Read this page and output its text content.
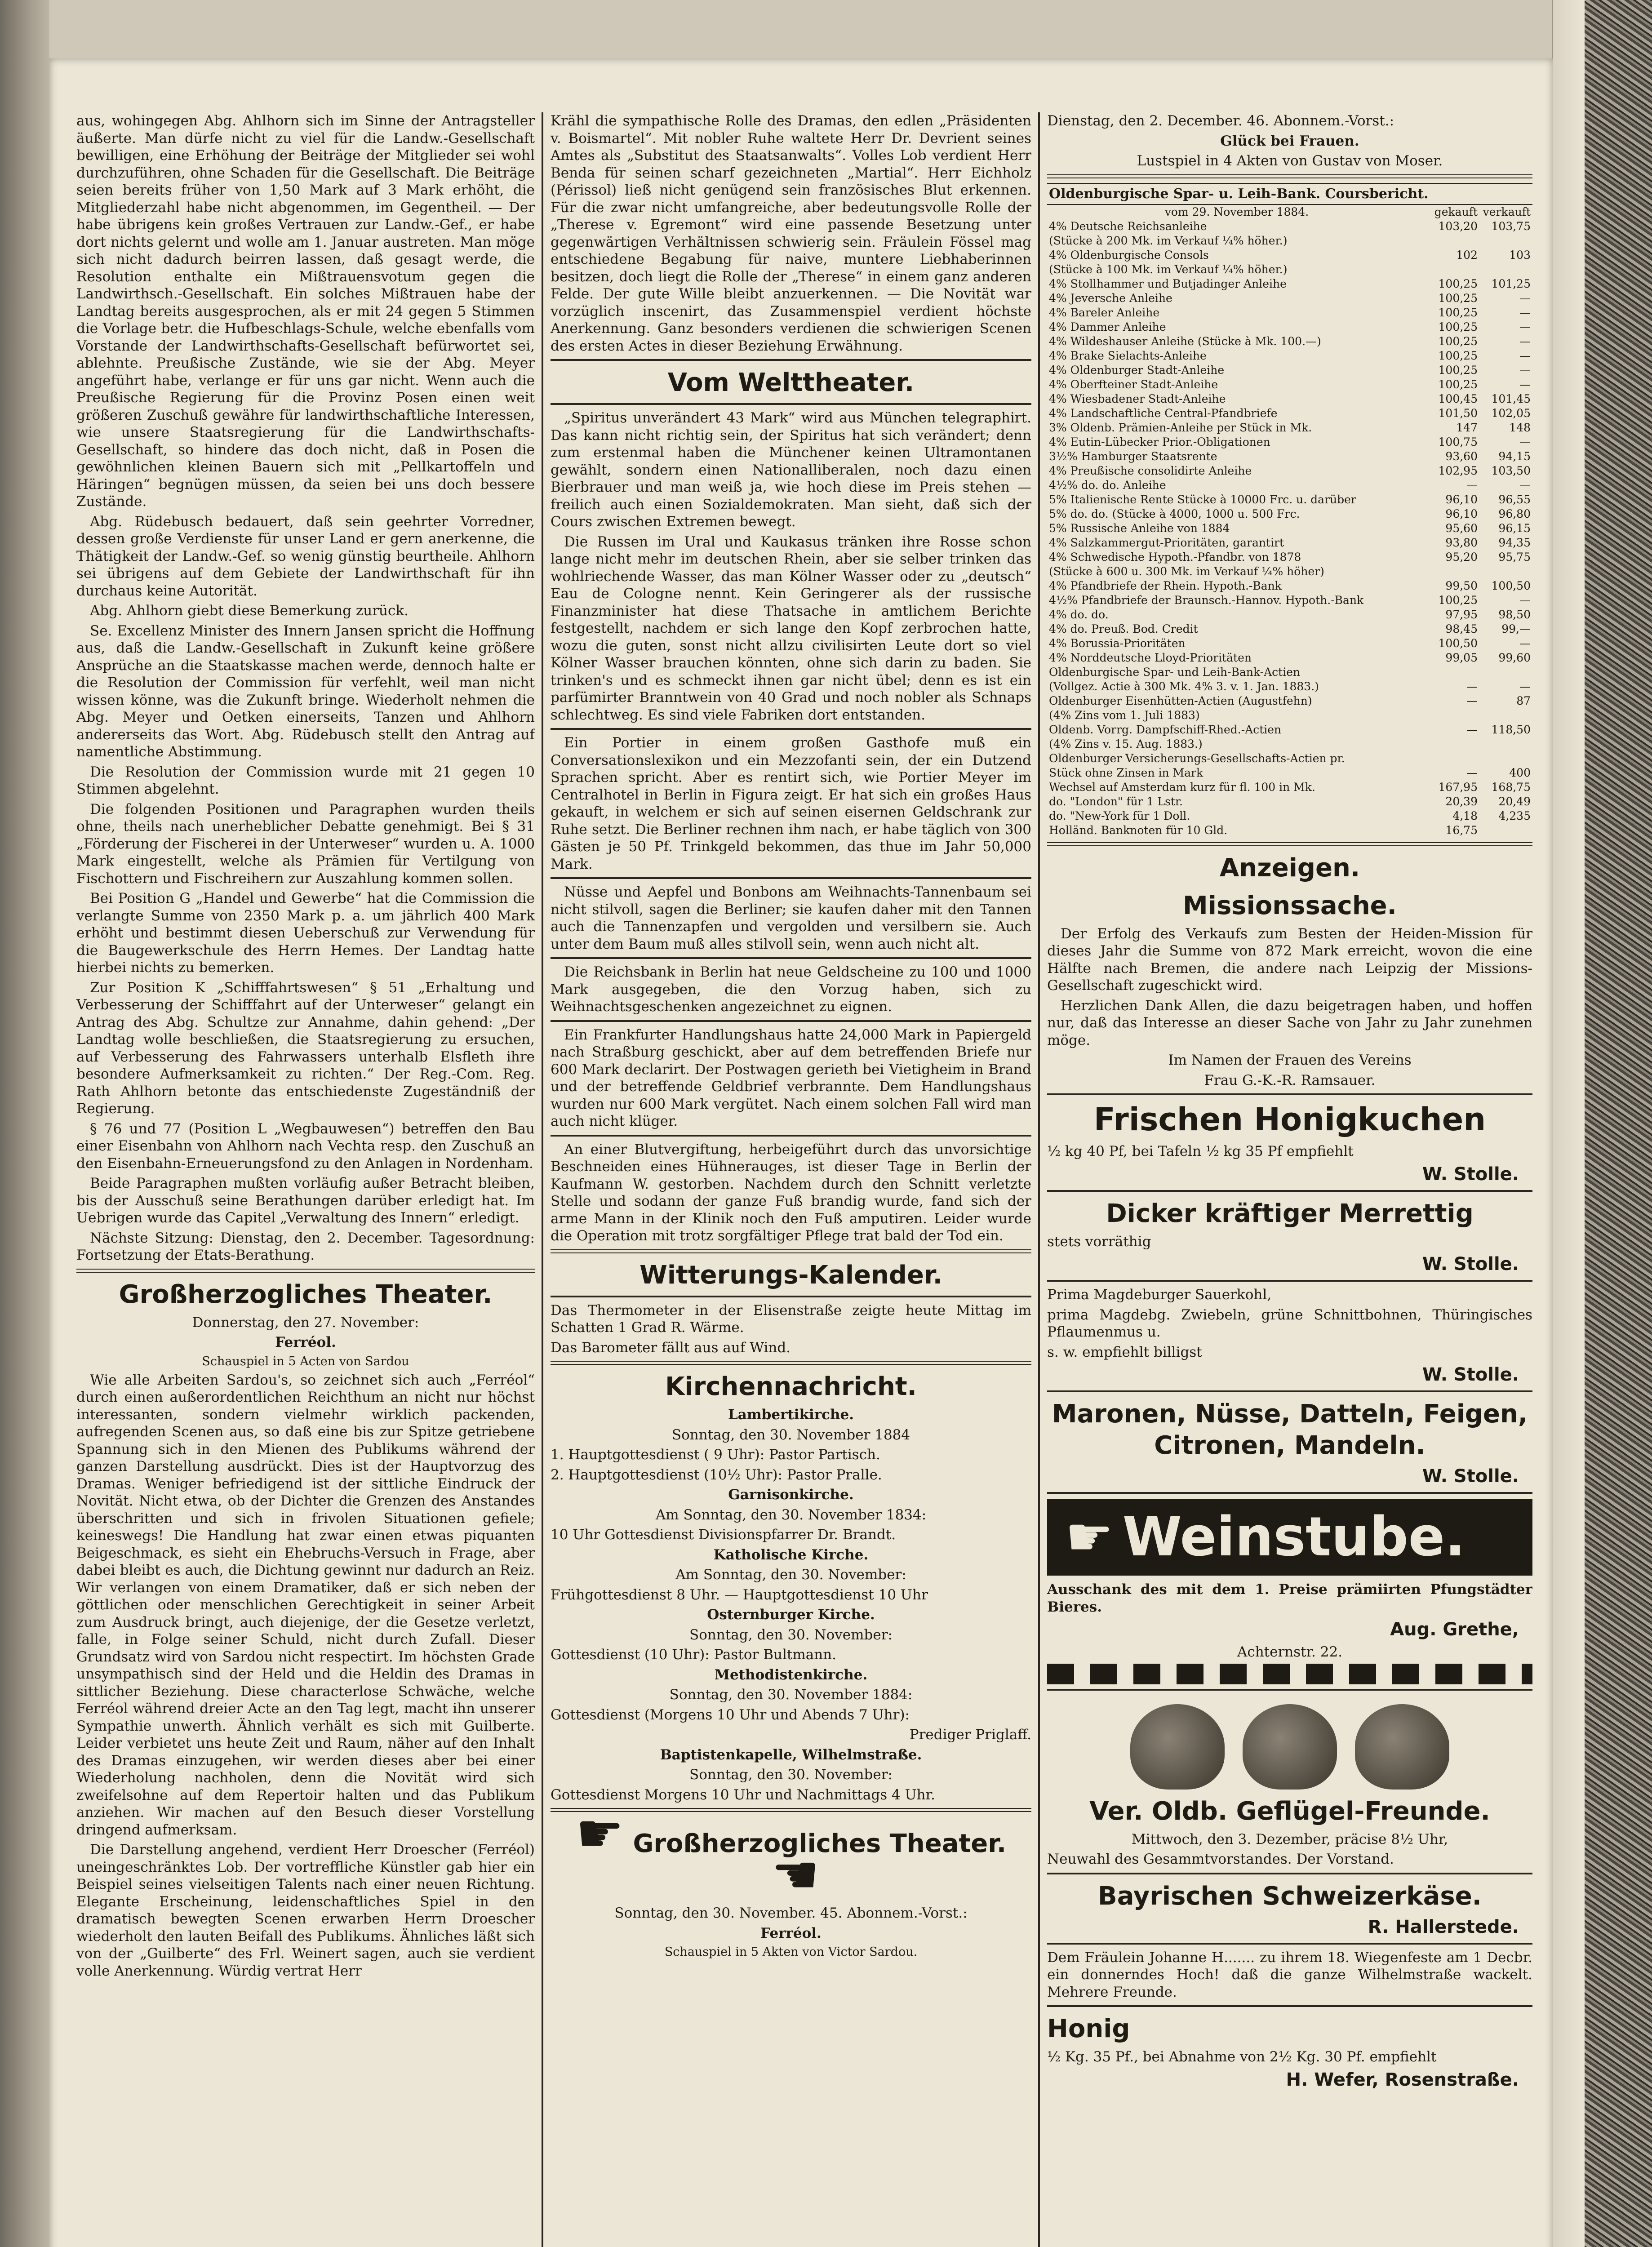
aus, wohingegen Abg. Ahlhorn sich im Sinne der Antragsteller äußerte. Man dürfe nicht zu viel für die Landw.-Gesellschaft bewilligen, eine Erhöhung der Beiträge der Mitglieder sei wohl durchzuführen, ohne Schaden für die Gesellschaft. Die Beiträge seien bereits früher von 1,50 Mark auf 3 Mark erhöht, die Mitgliederzahl habe nicht abgenommen, im Gegentheil. — Der habe übrigens kein großes Vertrauen zur Landw.-Gef., er habe dort nichts gelernt und wolle am 1. Januar austreten. Man möge sich nicht dadurch beirren lassen, daß gesagt werde, die Resolution enthalte ein Mißtrauensvotum gegen die Landwirthsch.-Gesellschaft. Ein solches Mißtrauen habe der Landtag bereits ausgesprochen, als er mit 24 gegen 5 Stimmen die Vorlage betr. die Hufbeschlags-Schule, welche ebenfalls vom Vorstande der Landwirthschafts-Gesellschaft befürwortet sei, ablehnte. Preußische Zustände, wie sie der Abg. Meyer angeführt habe, verlange er für uns gar nicht. Wenn auch die Preußische Regierung für die Provinz Posen einen weit größeren Zuschuß gewähre für landwirthschaftliche Interessen, wie unsere Staatsregierung für die Landwirthschafts-Gesellschaft, so hindere das doch nicht, daß in Posen die gewöhnlichen kleinen Bauern sich mit „Pellkartoffeln und Häringen“ begnügen müssen, da seien bei uns doch bessere Zustände.

Abg. Rüdebusch bedauert, daß sein geehrter Vorredner, dessen große Verdienste für unser Land er gern anerkenne, die Thätigkeit der Landw.-Gef. so wenig günstig beurtheile. Ahlhorn sei übrigens auf dem Gebiete der Landwirthschaft für ihn durchaus keine Autorität.

Abg. Ahlhorn giebt diese Bemerkung zurück.

Se. Excellenz Minister des Innern Jansen spricht die Hoffnung aus, daß die Landw.-Gesellschaft in Zukunft keine größere Ansprüche an die Staatskasse machen werde, dennoch halte er die Resolution der Commission für verfehlt, weil man nicht wissen könne, was die Zukunft bringe. Wiederholt nehmen die Abg. Meyer und Oetken einerseits, Tanzen und Ahlhorn andererseits das Wort. Abg. Rüdebusch stellt den Antrag auf namentliche Abstimmung.

Die Resolution der Commission wurde mit 21 gegen 10 Stimmen abgelehnt.

Die folgenden Positionen und Paragraphen wurden theils ohne, theils nach unerheblicher Debatte genehmigt. Bei § 31 „Förderung der Fischerei in der Unterweser“ wurden u. A. 1000 Mark eingestellt, welche als Prämien für Vertilgung von Fischottern und Fischreihern zur Auszahlung kommen sollen.

Bei Position G „Handel und Gewerbe“ hat die Commission die verlangte Summe von 2350 Mark p. a. um jährlich 400 Mark erhöht und bestimmt diesen Ueberschuß zur Verwendung für die Baugewerkschule des Herrn Hemes. Der Landtag hatte hierbei nichts zu bemerken.

Zur Position K „Schifffahrtswesen“ § 51 „Erhaltung und Verbesserung der Schifffahrt auf der Unterweser“ gelangt ein Antrag des Abg. Schultze zur Annahme, dahin gehend: „Der Landtag wolle beschließen, die Staatsregierung zu ersuchen, auf Verbesserung des Fahrwassers unterhalb Elsfleth ihre besondere Aufmerksamkeit zu richten.“ Der Reg.-Com. Reg. Rath Ahlhorn betonte das entschiedenste Zugeständniß der Regierung.

§ 76 und 77 (Position L „Wegbauwesen“) betreffen den Bau einer Eisenbahn von Ahlhorn nach Vechta resp. den Zuschuß an den Eisenbahn-Erneuerungsfond zu den Anlagen in Nordenham.

Beide Paragraphen mußten vorläufig außer Betracht bleiben, bis der Ausschuß seine Berathungen darüber erledigt hat. Im Uebrigen wurde das Capitel „Verwaltung des Innern“ erledigt.

Nächste Sitzung: Dienstag, den 2. December. Tagesordnung: Fortsetzung der Etats-Berathung.

Großherzogliches Theater.

Donnerstag, den 27. November:

Ferréol.

Schauspiel in 5 Acten von Sardou

Wie alle Arbeiten Sardou's, so zeichnet sich auch „Ferréol“ durch einen außerordentlichen Reichthum an nicht nur höchst interessanten, sondern vielmehr wirklich packenden, aufregenden Scenen aus, so daß eine bis zur Spitze getriebene Spannung sich in den Mienen des Publikums während der ganzen Darstellung ausdrückt. Dies ist der Hauptvorzug des Dramas. Weniger befriedigend ist der sittliche Eindruck der Novität. Nicht etwa, ob der Dichter die Grenzen des Anstandes überschritten und sich in frivolen Situationen gefiele; keineswegs! Die Handlung hat zwar einen etwas piquanten Beigeschmack, es sieht ein Ehebruchs-Versuch in Frage, aber dabei bleibt es auch, die Dichtung gewinnt nur dadurch an Reiz. Wir verlangen von einem Dramatiker, daß er sich neben der göttlichen oder menschlichen Gerechtigkeit in seiner Arbeit zum Ausdruck bringt, auch diejenige, der die Gesetze verletzt, falle, in Folge seiner Schuld, nicht durch Zufall. Dieser Grundsatz wird von Sardou nicht respectirt. Im höchsten Grade unsympathisch sind der Held und die Heldin des Dramas in sittlicher Beziehung. Diese characterlose Schwäche, welche Ferréol während dreier Acte an den Tag legt, macht ihn unserer Sympathie unwerth. Ähnlich verhält es sich mit Guilberte. Leider verbietet uns heute Zeit und Raum, näher auf den Inhalt des Dramas einzugehen, wir werden dieses aber bei einer Wiederholung nachholen, denn die Novität wird sich zweifelsohne auf dem Repertoir halten und das Publikum anziehen. Wir machen auf den Besuch dieser Vorstellung dringend aufmerksam.

Die Darstellung angehend, verdient Herr Droescher (Ferréol) uneingeschränktes Lob. Der vortreffliche Künstler gab hier ein Beispiel seines vielseitigen Talents nach einer neuen Richtung. Elegante Erscheinung, leidenschaftliches Spiel in den dramatisch bewegten Scenen erwarben Herrn Droescher wiederholt den lauten Beifall des Publikums. Ähnliches läßt sich von der „Guilberte“ des Frl. Weinert sagen, auch sie verdient volle Anerkennung. Würdig vertrat Herr

Krähl die sympathische Rolle des Dramas, den edlen „Präsidenten v. Boismartel“. Mit nobler Ruhe waltete Herr Dr. Devrient seines Amtes als „Substitut des Staatsanwalts“. Volles Lob verdient Herr Benda für seinen scharf gezeichneten „Martial“. Herr Eichholz (Périssol) ließ nicht genügend sein französisches Blut erkennen. Für die zwar nicht umfangreiche, aber bedeutungsvolle Rolle der „Therese v. Egremont“ wird eine passende Besetzung unter gegenwärtigen Verhältnissen schwierig sein. Fräulein Fössel mag entschiedene Begabung für naive, muntere Liebhaberinnen besitzen, doch liegt die Rolle der „Therese“ in einem ganz anderen Felde. Der gute Wille bleibt anzuerkennen. — Die Novität war vorzüglich inscenirt, das Zusammenspiel verdient höchste Anerkennung. Ganz besonders verdienen die schwierigen Scenen des ersten Actes in dieser Beziehung Erwähnung.

Vom Welttheater.

„Spiritus unverändert 43 Mark“ wird aus München telegraphirt. Das kann nicht richtig sein, der Spiritus hat sich verändert; denn zum erstenmal haben die Münchener keinen Ultramontanen gewählt, sondern einen Nationalliberalen, noch dazu einen Bierbrauer und man weiß ja, wie hoch diese im Preis stehen — freilich auch einen Sozialdemokraten. Man sieht, daß sich der Cours zwischen Extremen bewegt.

Die Russen im Ural und Kaukasus tränken ihre Rosse schon lange nicht mehr im deutschen Rhein, aber sie selber trinken das wohlriechende Wasser, das man Kölner Wasser oder zu „deutsch“ Eau de Cologne nennt. Kein Geringerer als der russische Finanzminister hat diese Thatsache in amtlichem Berichte festgestellt, nachdem er sich lange den Kopf zerbrochen hatte, wozu die guten, sonst nicht allzu civilisirten Leute dort so viel Kölner Wasser brauchen könnten, ohne sich darin zu baden. Sie trinken's und es schmeckt ihnen gar nicht übel; denn es ist ein parfümirter Branntwein von 40 Grad und noch nobler als Schnaps schlechtweg. Es sind viele Fabriken dort entstanden.

Ein Portier in einem großen Gasthofe muß ein Conversationslexikon und ein Mezzofanti sein, der ein Dutzend Sprachen spricht. Aber es rentirt sich, wie Portier Meyer im Centralhotel in Berlin in Figura zeigt. Er hat sich ein großes Haus gekauft, in welchem er sich auf seinen eisernen Geldschrank zur Ruhe setzt. Die Berliner rechnen ihm nach, er habe täglich von 300 Gästen je 50 Pf. Trinkgeld bekommen, das thue im Jahr 50,000 Mark.

Nüsse und Aepfel und Bonbons am Weihnachts-Tannenbaum sei nicht stilvoll, sagen die Berliner; sie kaufen daher mit den Tannen auch die Tannenzapfen und vergolden und versilbern sie. Auch unter dem Baum muß alles stilvoll sein, wenn auch nicht alt.

Die Reichsbank in Berlin hat neue Geldscheine zu 100 und 1000 Mark ausgegeben, die den Vorzug haben, sich zu Weihnachtsgeschenken angezeichnet zu eignen.

Ein Frankfurter Handlungshaus hatte 24,000 Mark in Papiergeld nach Straßburg geschickt, aber auf dem betreffenden Briefe nur 600 Mark declarirt. Der Postwagen gerieth bei Vietigheim in Brand und der betreffende Geldbrief verbrannte. Dem Handlungshaus wurden nur 600 Mark vergütet. Nach einem solchen Fall wird man auch nicht klüger.

An einer Blutvergiftung, herbeigeführt durch das unvorsichtige Beschneiden eines Hühnerauges, ist dieser Tage in Berlin der Kaufmann W. gestorben. Nachdem durch den Schnitt verletzte Stelle und sodann der ganze Fuß brandig wurde, fand sich der arme Mann in der Klinik noch den Fuß amputiren. Leider wurde die Operation mit trotz sorgfältiger Pflege trat bald der Tod ein.

Witterungs-Kalender.

Das Thermometer in der Elisenstraße zeigte heute Mittag im Schatten 1 Grad R. Wärme.

Das Barometer fällt aus auf Wind.

Kirchennachricht.

Lambertikirche.

Sonntag, den 30. November 1884

1. Hauptgottesdienst ( 9 Uhr): Pastor Partisch.

2. Hauptgottesdienst (10½ Uhr): Pastor Pralle.

Garnisonkirche.

Am Sonntag, den 30. November 1834:

10 Uhr Gottesdienst Divisionspfarrer Dr. Brandt.

Katholische Kirche.

Am Sonntag, den 30. November:

Frühgottesdienst 8 Uhr. — Hauptgottesdienst 10 Uhr

Osternburger Kirche.

Sonntag, den 30. November:

Gottesdienst (10 Uhr): Pastor Bultmann.

Methodistenkirche.

Sonntag, den 30. November 1884:

Gottesdienst (Morgens 10 Uhr und Abends 7 Uhr):

Prediger Priglaff.

Baptistenkapelle, Wilhelmstraße.

Sonntag, den 30. November:

Gottesdienst Morgens 10 Uhr und Nachmittags 4 Uhr.

☛ Großherzogliches Theater.☚

Sonntag, den 30. November. 45. Abonnem.-Vorst.:

Ferréol.

Schauspiel in 5 Akten von Victor Sardou.

Dienstag, den 2. December. 46. Abonnem.-Vorst.:

Glück bei Frauen.

Lustspiel in 4 Akten von Gustav von Moser.

Oldenburgische Spar- u. Leih-Bank. Coursbericht.		
vom 29. November 1884.	gekauft	verkauft
4% Deutsche Reichsanleihe	103,20	103,75
(Stücke à 200 Mk. im Verkauf ¼% höher.)		
4% Oldenburgische Consols	102	103
(Stücke à 100 Mk. im Verkauf ¼% höher.)		
4% Stollhammer und Butjadinger Anleihe	100,25	101,25
4% Jeversche Anleihe	100,25	—
4% Bareler Anleihe	100,25	—
4% Dammer Anleihe	100,25	—
4% Wildeshauser Anleihe (Stücke à Mk. 100.—)	100,25	—
4% Brake Sielachts-Anleihe	100,25	—
4% Oldenburger Stadt-Anleihe	100,25	—
4% Oberfteiner Stadt-Anleihe	100,25	—
4% Wiesbadener Stadt-Anleihe	100,45	101,45
4% Landschaftliche Central-Pfandbriefe	101,50	102,05
3% Oldenb. Prämien-Anleihe per Stück in Mk.	147	148
4% Eutin-Lübecker Prior.-Obligationen	100,75	—
3½% Hamburger Staatsrente	93,60	94,15
4% Preußische consolidirte Anleihe	102,95	103,50
4½% do. do. Anleihe	—	—
5% Italienische Rente Stücke à 10000 Frc. u. darüber	96,10	96,55
5% do. do. (Stücke à 4000, 1000 u. 500 Frc.	96,10	96,80
5% Russische Anleihe von 1884	95,60	96,15
4% Salzkammergut-Prioritäten, garantirt	93,80	94,35
4% Schwedische Hypoth.-Pfandbr. von 1878	95,20	95,75
(Stücke à 600 u. 300 Mk. im Verkauf ¼% höher)		
4% Pfandbriefe der Rhein. Hypoth.-Bank	99,50	100,50
4½% Pfandbriefe der Braunsch.-Hannov. Hypoth.-Bank	100,25	—
4% do. do.	97,95	98,50
4% do. Preuß. Bod. Credit	98,45	99,—
4% Borussia-Prioritäten	100,50	—
4% Norddeutsche Lloyd-Prioritäten	99,05	99,60
Oldenburgische Spar- und Leih-Bank-Actien		
(Vollgez. Actie à 300 Mk. 4% 3. v. 1. Jan. 1883.)	—	—
Oldenburger Eisenhütten-Actien (Augustfehn)	—	87
(4% Zins vom 1. Juli 1883)		
Oldenb. Vorrg. Dampfschiff-Rhed.-Actien	—	118,50
(4% Zins v. 15. Aug. 1883.)		
Oldenburger Versicherungs-Gesellschafts-Actien pr.		
Stück ohne Zinsen in Mark	—	400
Wechsel auf Amsterdam kurz für fl. 100 in Mk.	167,95	168,75
do. "London" für 1 Lstr.	20,39	20,49
do. "New-York für 1 Doll.	4,18	4,235
Holländ. Banknoten für 10 Gld.	16,75	
Anzeigen.
Missionssache.

Der Erfolg des Verkaufs zum Besten der Heiden-Mission für dieses Jahr die Summe von 872 Mark erreicht, wovon die eine Hälfte nach Bremen, die andere nach Leipzig der Missions-Gesellschaft zugeschickt wird.

Herzlichen Dank Allen, die dazu beigetragen haben, und hoffen nur, daß das Interesse an dieser Sache von Jahr zu Jahr zunehmen möge.

Im Namen der Frauen des Vereins

Frau G.-K.-R. Ramsauer.

Frischen Honigkuchen

½ kg 40 Pf, bei Tafeln ½ kg 35 Pf empfiehlt

W. Stolle.
Dicker kräftiger Merrettig

stets vorräthig

W. Stolle.

Prima Magdeburger Sauerkohl,

prima Magdebg. Zwiebeln, grüne Schnittbohnen, Thüringisches Pflaumenmus u.

s. w. empfiehlt billigst

W. Stolle.
Maronen, Nüsse, Datteln, Feigen, Citronen, Mandeln.
W. Stolle.
☛ Weinstube.

Ausschank des mit dem 1. Preise prämiirten Pfungstädter Bieres.

Aug. Grethe,

Achternstr. 22.

Ver. Oldb. Geflügel-Freunde.

Mittwoch, den 3. Dezember, präcise 8½ Uhr,

Neuwahl des Gesammtvorstandes. Der Vorstand.

Bayrischen Schweizerkäse.
R. Hallerstede.

Dem Fräulein Johanne H....... zu ihrem 18. Wiegenfeste am 1 Decbr. ein donnerndes Hoch! daß die ganze Wilhelmstraße wackelt. Mehrere Freunde.

Honig

½ Kg. 35 Pf., bei Abnahme von 2½ Kg. 30 Pf. empfiehlt

H. Wefer, Rosenstraße.
